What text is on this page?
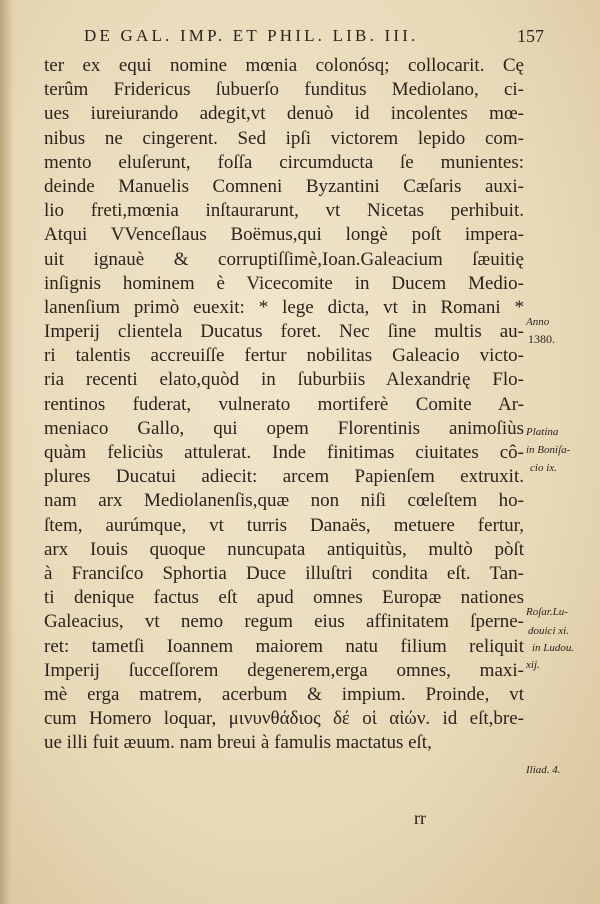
DE GAL. IMP. ET PHIL. LIB. III.	157
ter ex equi nomine mœnia colonósq; collocarit. Cę
terûm Fridericus ſubuerſo funditus Mediolano, ci-
ues iureiurando adegit,vt denuò id incolentes mœ-
nibus ne cingerent. Sed ipſi victorem lepido com-
mento eluſerunt, foſſa circumducta ſe munientes:
deinde Manuelis Comneni Byzantini Cæſaris auxi-
lio freti,mœnia inſtaurarunt, vt Nicetas perhibuit.
Atqui VVenceſlaus Boëmus,qui longè poſt impera-
uit ignauè & corruptiſſimè,Ioan.Galeacium ſæuitię
inſignis hominem è Vicecomite in Ducem Medio-
lanenſium primò euexit: * lege dicta, vt in Romani *
Imperij clientela Ducatus foret. Nec ſine multis au-
ri talentis accreuiſſe fertur nobilitas Galeacio victo-
ria recenti elato,quòd in ſuburbiis Alexandrię Flo-
rentinos fuderat, vulnerato mortiferè Comite Ar-
meniaco Gallo, qui opem Florentinis animoſiùs
quàm feliciùs attulerat. Inde finitimas ciuitates cô-
plures Ducatui adiecit: arcem Papienſem extruxit.
nam arx Mediolanenſis,quæ non niſi cœleſtem ho-
ſtem, aurúmque, vt turris Danaës, metuere fertur,
arx Iouis quoque nuncupata antiquitùs, multò pòſt
à Franciſco Sphortia Duce illuſtri condita eſt. Tan-
ti denique factus eſt apud omnes Europæ nationes
Galeacius, vt nemo regum eius affinitatem ſperne-
ret: tametſi Ioannem maiorem natu filium reliquit
Imperij ſucceſſorem degenerem,erga omnes, maxi-
mè erga matrem, acerbum & impium. Proinde, vt
cum Homero loquar, μινυνθάδιος δέ οἱ αἰών. id eſt,bre-
ue illi fuit æuum. nam breui à famulis mactatus eſt,
Anno
1380.
Platina
in Boniſa-
cio ix.
Roſar.Lu-
douici xi.
in Ludou.
xij.
Iliad. 4.
rr
